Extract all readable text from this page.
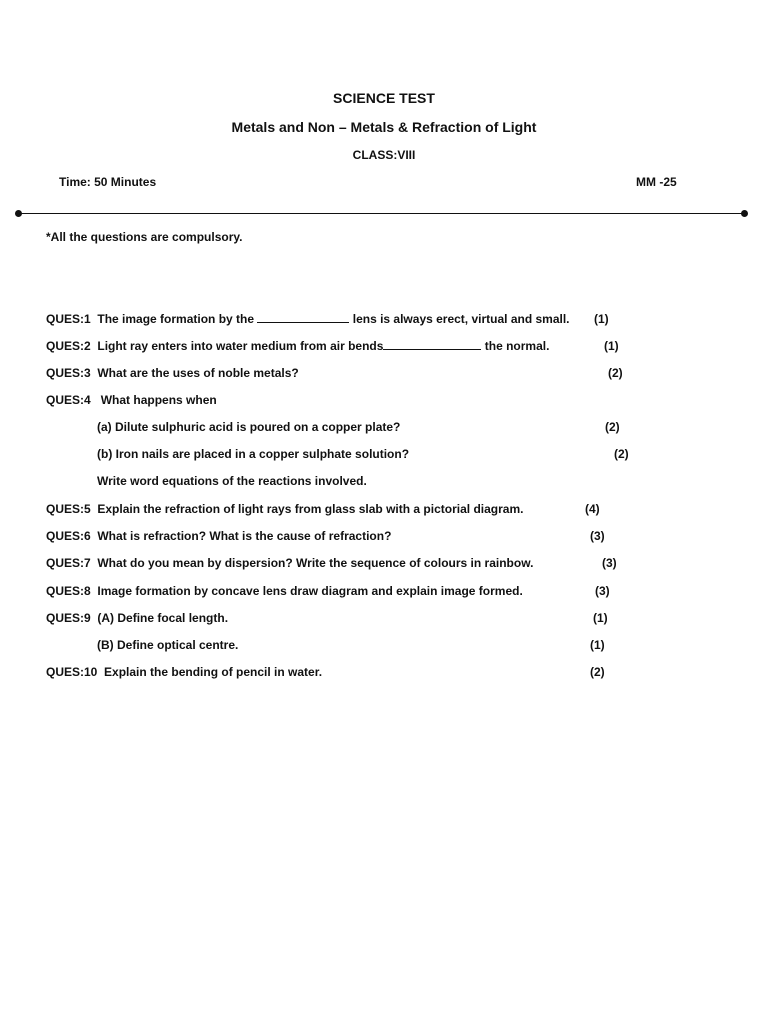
SCIENCE TEST
Metals and Non – Metals & Refraction of Light
CLASS:VIII
Time: 50 Minutes	MM -25
*All the questions are compulsory.
QUES:1 The image formation by the	lens is always erect, virtual and small. (1)
QUES:2 Light ray enters into water medium from air bends	the normal.	(1)
QUES:3 What are the uses of noble metals?	(2)
QUES:4 What happens when
(a) Dilute sulphuric acid is poured on a copper plate?	(2)
(b) Iron nails are placed in a copper sulphate solution?	(2)
Write word equations of the reactions involved.
QUES:5 Explain the refraction of light rays from glass slab with a pictorial diagram.	(4)
QUES:6 What is refraction? What is the cause of refraction?	(3)
QUES:7 What do you mean by dispersion? Write the sequence of colours in rainbow.	(3)
QUES:8 Image formation by concave lens draw diagram and explain image formed.	(3)
QUES:9 (A) Define focal length.	(1)
(B) Define optical centre.	(1)
QUES:10 Explain the bending of pencil in water.	(2)
